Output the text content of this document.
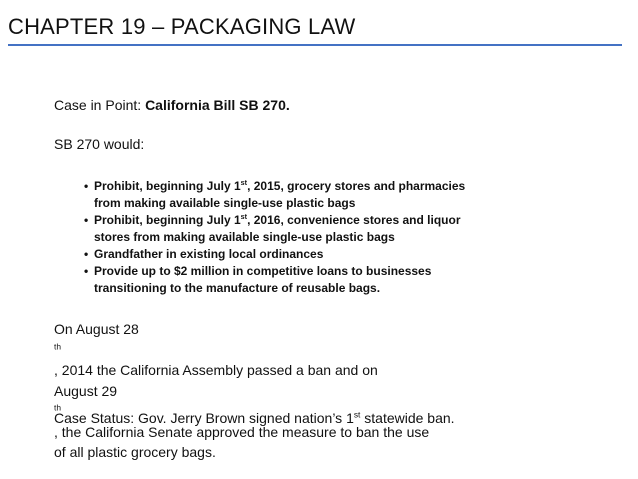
CHAPTER 19 – PACKAGING LAW
Case in Point: California Bill SB 270.
SB 270 would:
• Prohibit, beginning July 1st, 2015, grocery stores and pharmacies
from making available single-use plastic bags
• Prohibit, beginning July 1st, 2016, convenience stores and liquor
stores from making available single-use plastic bags
• Grandfather in existing local ordinances
• Provide up to $2 million in competitive loans to businesses
transitioning to the manufacture of reusable bags.

On August 28
$^{th}$
, 2014 the California Assembly passed a ban and on
August 29
$^{th}$
, the California Senate approved the measure to ban the use
of all plastic grocery bags.

Case Status: Gov. Jerry Brown signed nation’s 1st statewide ban.
